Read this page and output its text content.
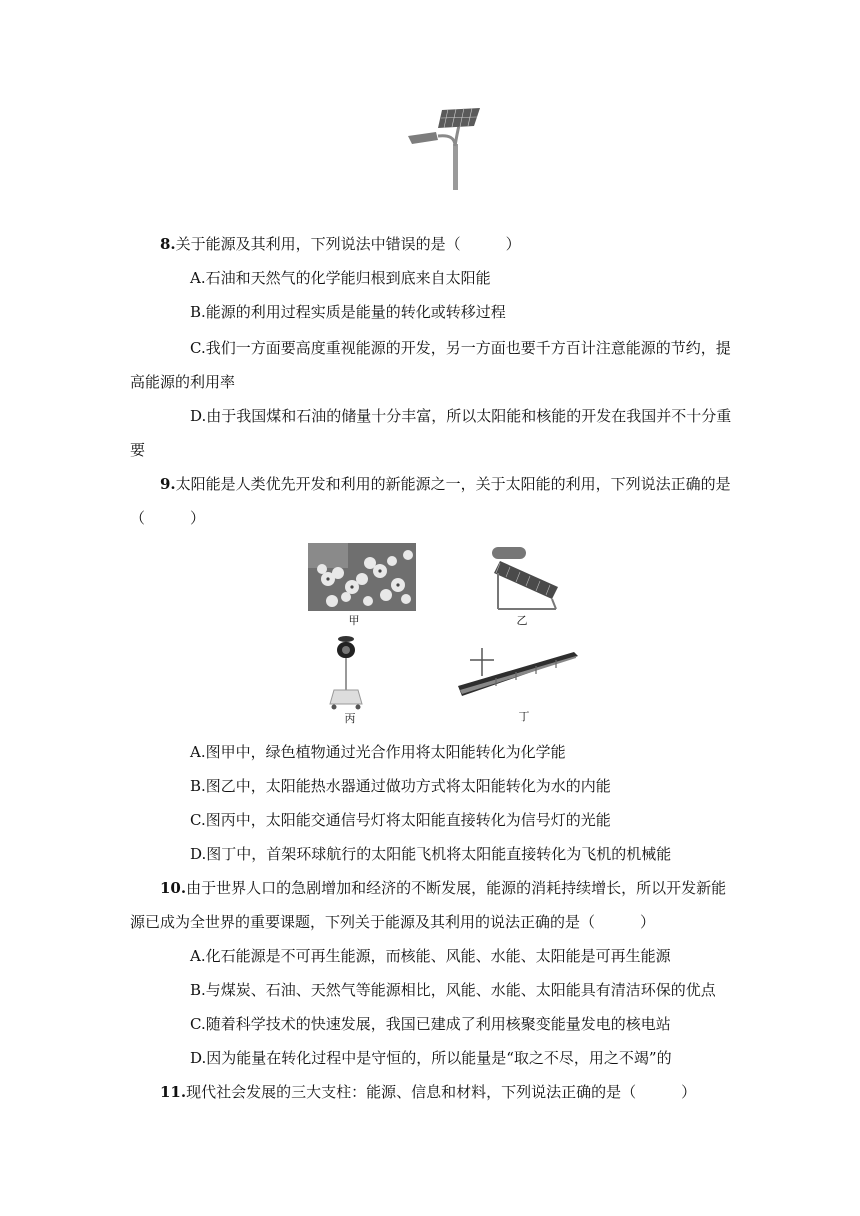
8.关于能源及其利用，下列说法中错误的是（　　　）
A.石油和天然气的化学能归根到底来自太阳能
B.能源的利用过程实质是能量的转化或转移过程
C.我们一方面要高度重视能源的开发，另一方面也要千方百计注意能源的节约，提
高能源的利用率
D.由于我国煤和石油的储量十分丰富，所以太阳能和核能的开发在我国并不十分重
要
9.太阳能是人类优先开发和利用的新能源之一，关于太阳能的利用，下列说法正确的是
（　　　）
甲	乙
丙	丁
A.图甲中，绿色植物通过光合作用将太阳能转化为化学能
B.图乙中，太阳能热水器通过做功方式将太阳能转化为水的内能
C.图丙中，太阳能交通信号灯将太阳能直接转化为信号灯的光能
D.图丁中，首架环球航行的太阳能飞机将太阳能直接转化为飞机的机械能
10.由于世界人口的急剧增加和经济的不断发展，能源的消耗持续增长，所以开发新能
源已成为全世界的重要课题，下列关于能源及其利用的说法正确的是（　　　）
A.化石能源是不可再生能源，而核能、风能、水能、太阳能是可再生能源
B.与煤炭、石油、天然气等能源相比，风能、水能、太阳能具有清洁环保的优点
C.随着科学技术的快速发展，我国已建成了利用核聚变能量发电的核电站
D.因为能量在转化过程中是守恒的，所以能量是“取之不尽，用之不竭”的
11.现代社会发展的三大支柱：能源、信息和材料，下列说法正确的是（　　　）
